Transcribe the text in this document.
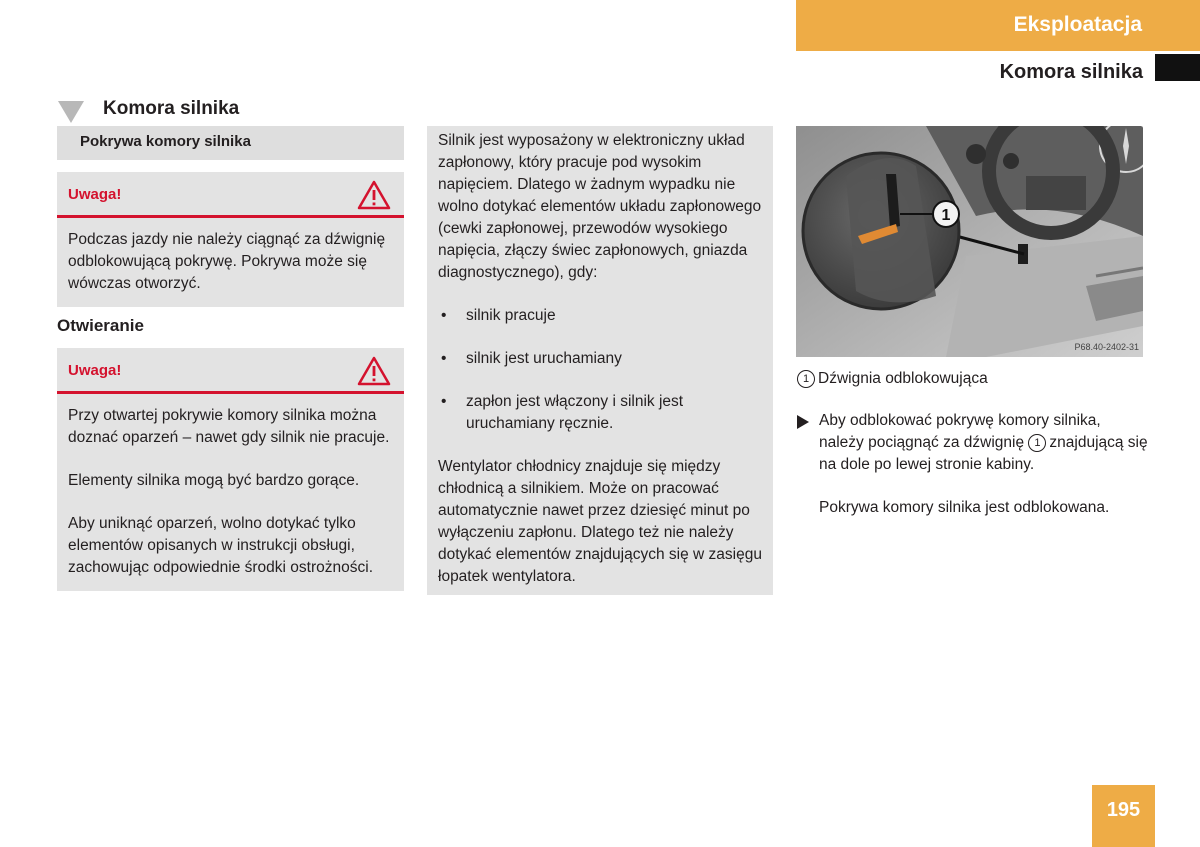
Eksploatacja
Komora silnika
Komora silnika
Pokrywa komory silnika
Uwaga!

Podczas jazdy nie należy ciągnąć za dźwignię odblokowującą pokrywę. Pokrywa może się wówczas otworzyć.

Otwieranie
Uwaga!

Przy otwartej pokrywie komory silnika można doznać oparzeń – nawet gdy silnik nie pracuje.

Elementy silnika mogą być bardzo gorące.

Aby uniknąć oparzeń, wolno dotykać tylko elementów opisanych w instrukcji obsługi, zachowując odpowiednie środki ostrożności.

Silnik jest wyposażony w elektroniczny układ zapłonowy, który pracuje pod wysokim napięciem. Dlatego w żadnym wypadku nie wolno dotykać elementów układu zapłonowego (cewki zapłonowej, przewodów wysokiego napięcia, złączy świec zapłonowych, gniazda diagnostycznego), gdy:

• silnik pracuje
• silnik jest uruchamiany
• zapłon jest włączony i silnik jest uruchamiany ręcznie.

Wentylator chłodnicy znajduje się między chłodnicą a silnikiem. Może on pracować automatycznie nawet przez dziesięć minut po wyłączeniu zapłonu. Dlatego też nie należy dotykać elementów znajdujących się w zasięgu łopatek wentylatora.

1
P68.40-2402-31
1 Dźwignia odblokowująca

Aby odblokować pokrywę komory silnika, należy pociągnąć za dźwignię 1 znajdującą się na dole po lewej stronie kabiny.

Pokrywa komory silnika jest odblokowana.

195
